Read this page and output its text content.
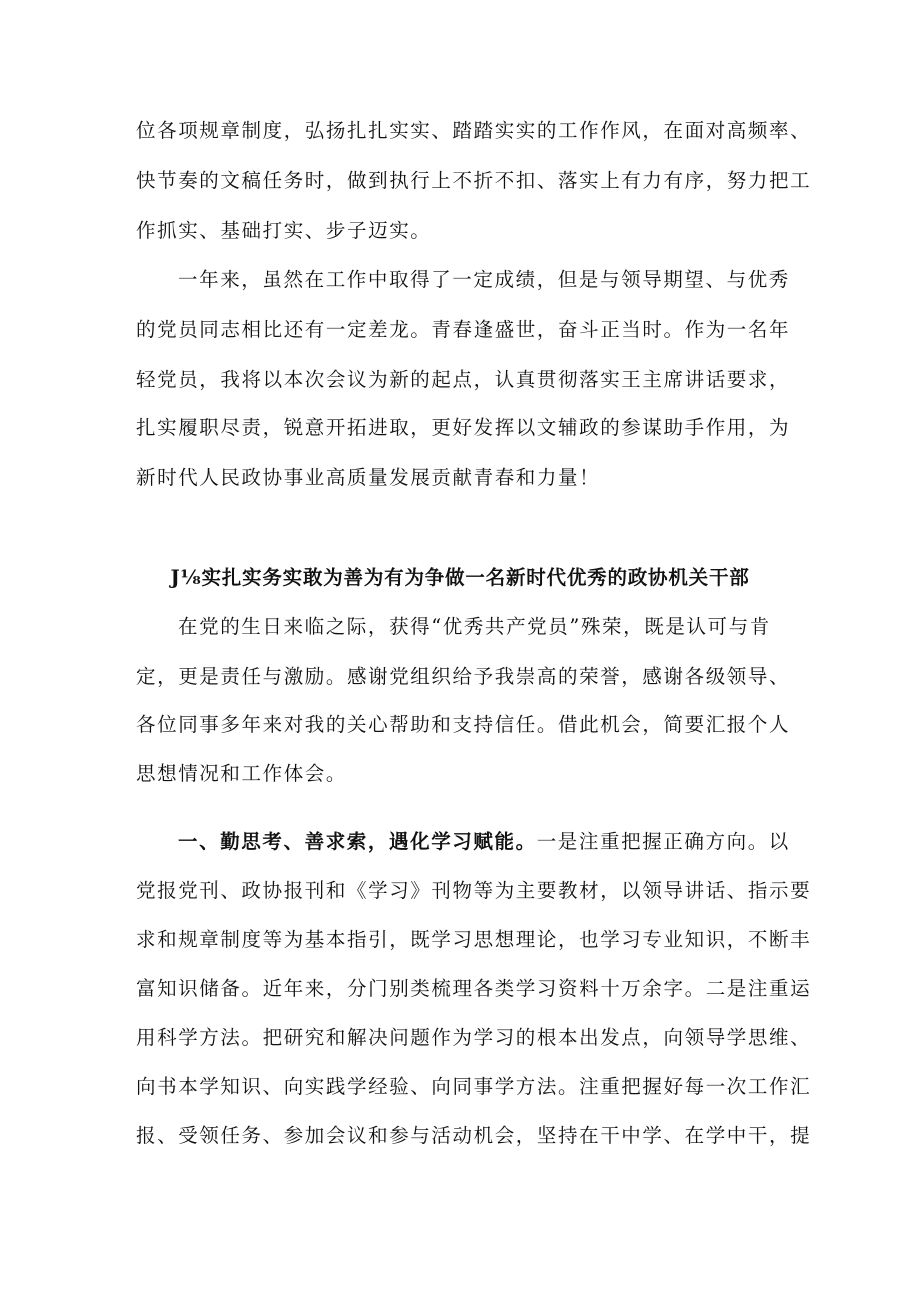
位各项规章制度，弘扬扎扎实实、踏踏实实的工作作风，在面对高频率、
快节奏的文稿任务时，做到执行上不折不扣、落实上有力有序，努力把工
作抓实、基础打实、步子迈实。
一年来，虽然在工作中取得了一定成绩，但是与领导期望、与优秀
的党员同志相比还有一定差龙。青春逢盛世，奋斗正当时。作为一名年
轻党员，我将以本次会议为新的起点，认真贯彻落实王主席讲话要求，
扎实履职尽责，锐意开拓进取，更好发挥以文辅政的参谋助手作用，为
新时代人民政协事业高质量发展贡献青春和力量！
J⅛实扎实务实敢为善为有为争做一名新时代优秀的政协机关干部
在党的生日来临之际，获得“优秀共产党员”殊荣，既是认可与肯
定，更是责任与激励。感谢党组织给予我崇高的荣誉，感谢各级领导、
各位同事多年来对我的关心帮助和支持信任。借此机会，简要汇报个人
思想情况和工作体会。
一、勤思考、善求索，遇化学习赋能。一是注重把握正确方向。以
党报党刊、政协报刊和《学习》刊物等为主要教材，以领导讲话、指示要
求和规章制度等为基本指引，既学习思想理论，也学习专业知识，不断丰
富知识储备。近年来，分门别类梳理各类学习资料十万余字。二是注重运
用科学方法。把研究和解决问题作为学习的根本出发点，向领导学思维、
向书本学知识、向实践学经验、向同事学方法。注重把握好每一次工作汇
报、受领任务、参加会议和参与活动机会，坚持在干中学、在学中干，提
